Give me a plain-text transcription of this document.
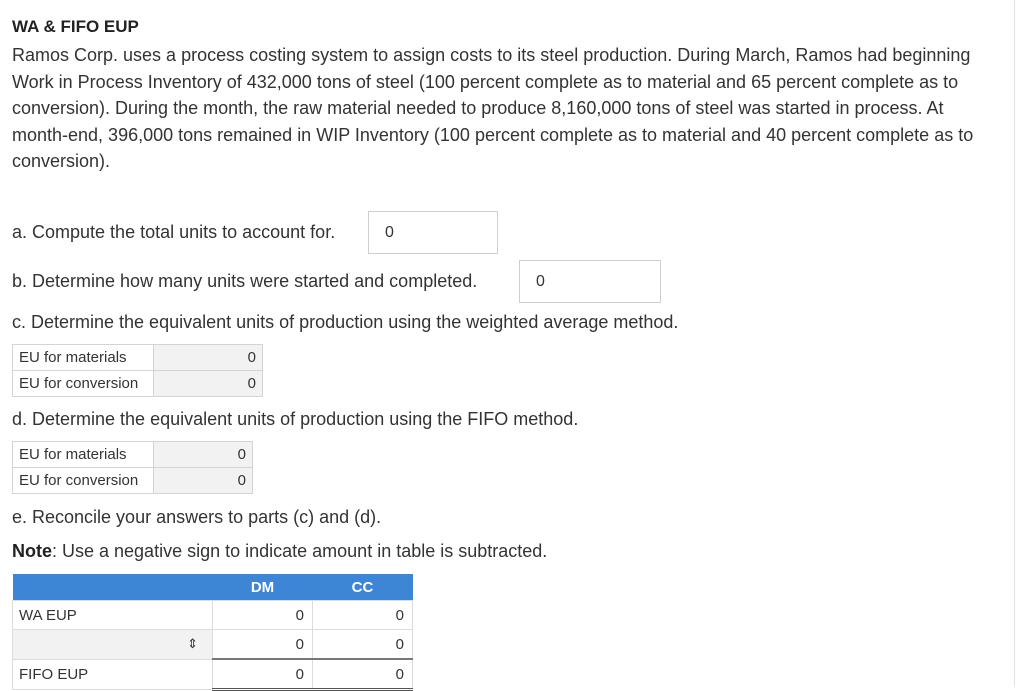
WA & FIFO EUP
Ramos Corp. uses a process costing system to assign costs to its steel production. During March, Ramos had beginning Work in Process Inventory of 432,000 tons of steel (100 percent complete as to material and 65 percent complete as to conversion). During the month, the raw material needed to produce 8,160,000 tons of steel was started in process. At month-end, 396,000 tons remained in WIP Inventory (100 percent complete as to material and 40 percent complete as to conversion).
a. Compute the total units to account for.	0
b. Determine how many units were started and completed.	0
c. Determine the equivalent units of production using the weighted average method.
EU for materials	0
EU for conversion	0
d. Determine the equivalent units of production using the FIFO method.
EU for materials	0
EU for conversion	0
e. Reconcile your answers to parts (c) and (d).
Note: Use a negative sign to indicate amount in table is subtracted.
	DM	CC
WA EUP	0	0
⇕	0	0
FIFO EUP	0	0
